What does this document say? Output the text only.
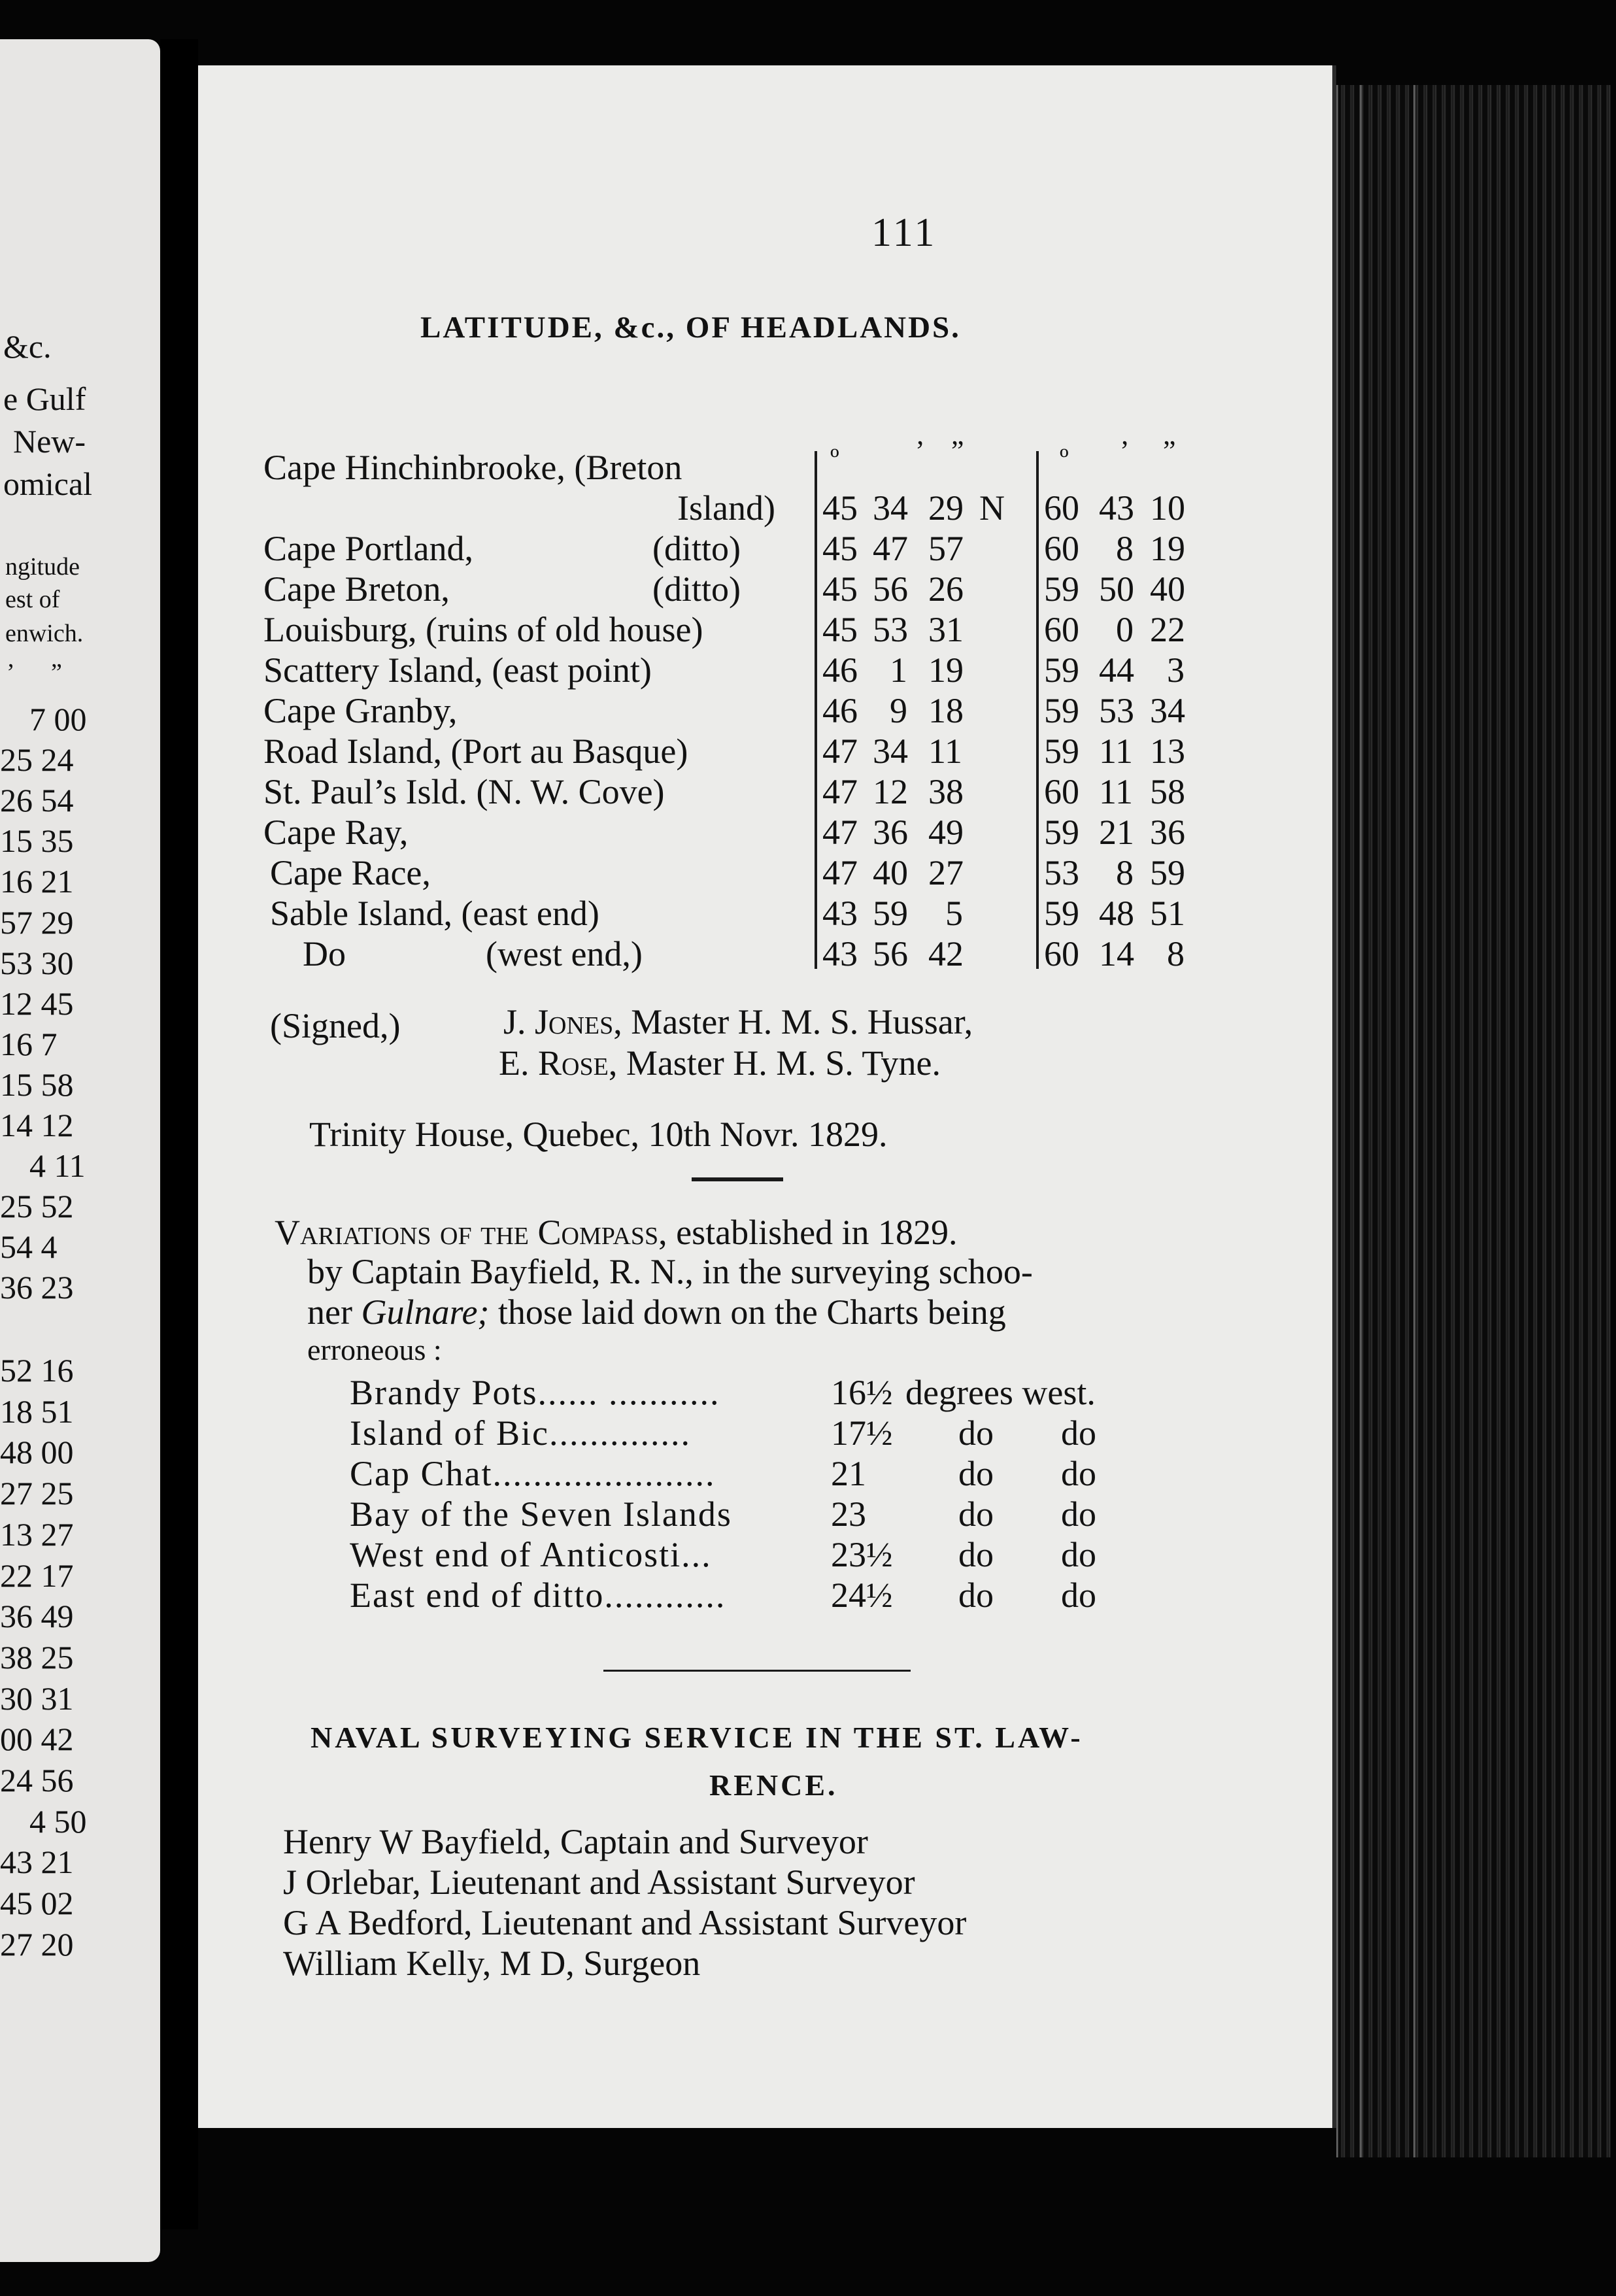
&c.
e Gulf
New-
omical
ngitude
est of
enwich.
’ ”
7 00
25 24
26 54
15 35
16 21
57 29
53 30
12 45
16 7
15 58
14 12
4 11
25 52
54 4
36 23
52 16
18 51
48 00
27 25
13 27
22 17
36 49
38 25
30 31
00 42
24 56
4 50
43 21
45 02
27 20
111
LATITUDE, &c., OF HEADLANDS.
º	’ ”	º ’ ”
Cape Hinchinbrooke, (Breton
Island) 45 34 29 N 60 43 10
Cape Portland,	(ditto) 45 47 57 60 8 19
Cape Breton,	(ditto) 45 56 26 59 50 40
Louisburg, (ruins of old house)	45 53 31 60 0 22
Scattery Island, (east point)	46 1 19 59 44 3
Cape Granby,	46 9 18 59 53 34
Road Island, (Port au Basque)	47 34 11 59 11 13
St. Paul’s Isld. (N. W. Cove)	47 12 38 60 11 58
Cape Ray,	47 36 49 59 21 36
Cape Race,	47 40 27 53 8 59
Sable Island, (east end)	43 59 5 59 48 51
Do	(west end,)	43 56 42 60 14 8
(Signed,)	J. Jones, Master H. M. S. Hussar,
E. Rose, Master H. M. S. Tyne.
Trinity House, Quebec, 10th Novr. 1829.
Variations of the Compass, established in 1829.
by Captain Bayfield, R. N., in the surveying schoo-
ner Gulnare; those laid down on the Charts being
erroneous :
Brandy Pots...... ...........	16½ degrees west.
Island of Bic..............	17½ do do
Cap Chat......................	21	do do
Bay of the Seven Islands	23	do do
West end of Anticosti...	23½ do do
East end of ditto............	24½ do do
NAVAL SURVEYING SERVICE IN THE ST. LAW-
RENCE.
Henry W Bayfield, Captain and Surveyor
J Orlebar, Lieutenant and Assistant Surveyor
G A Bedford, Lieutenant and Assistant Surveyor
William Kelly, M D, Surgeon
